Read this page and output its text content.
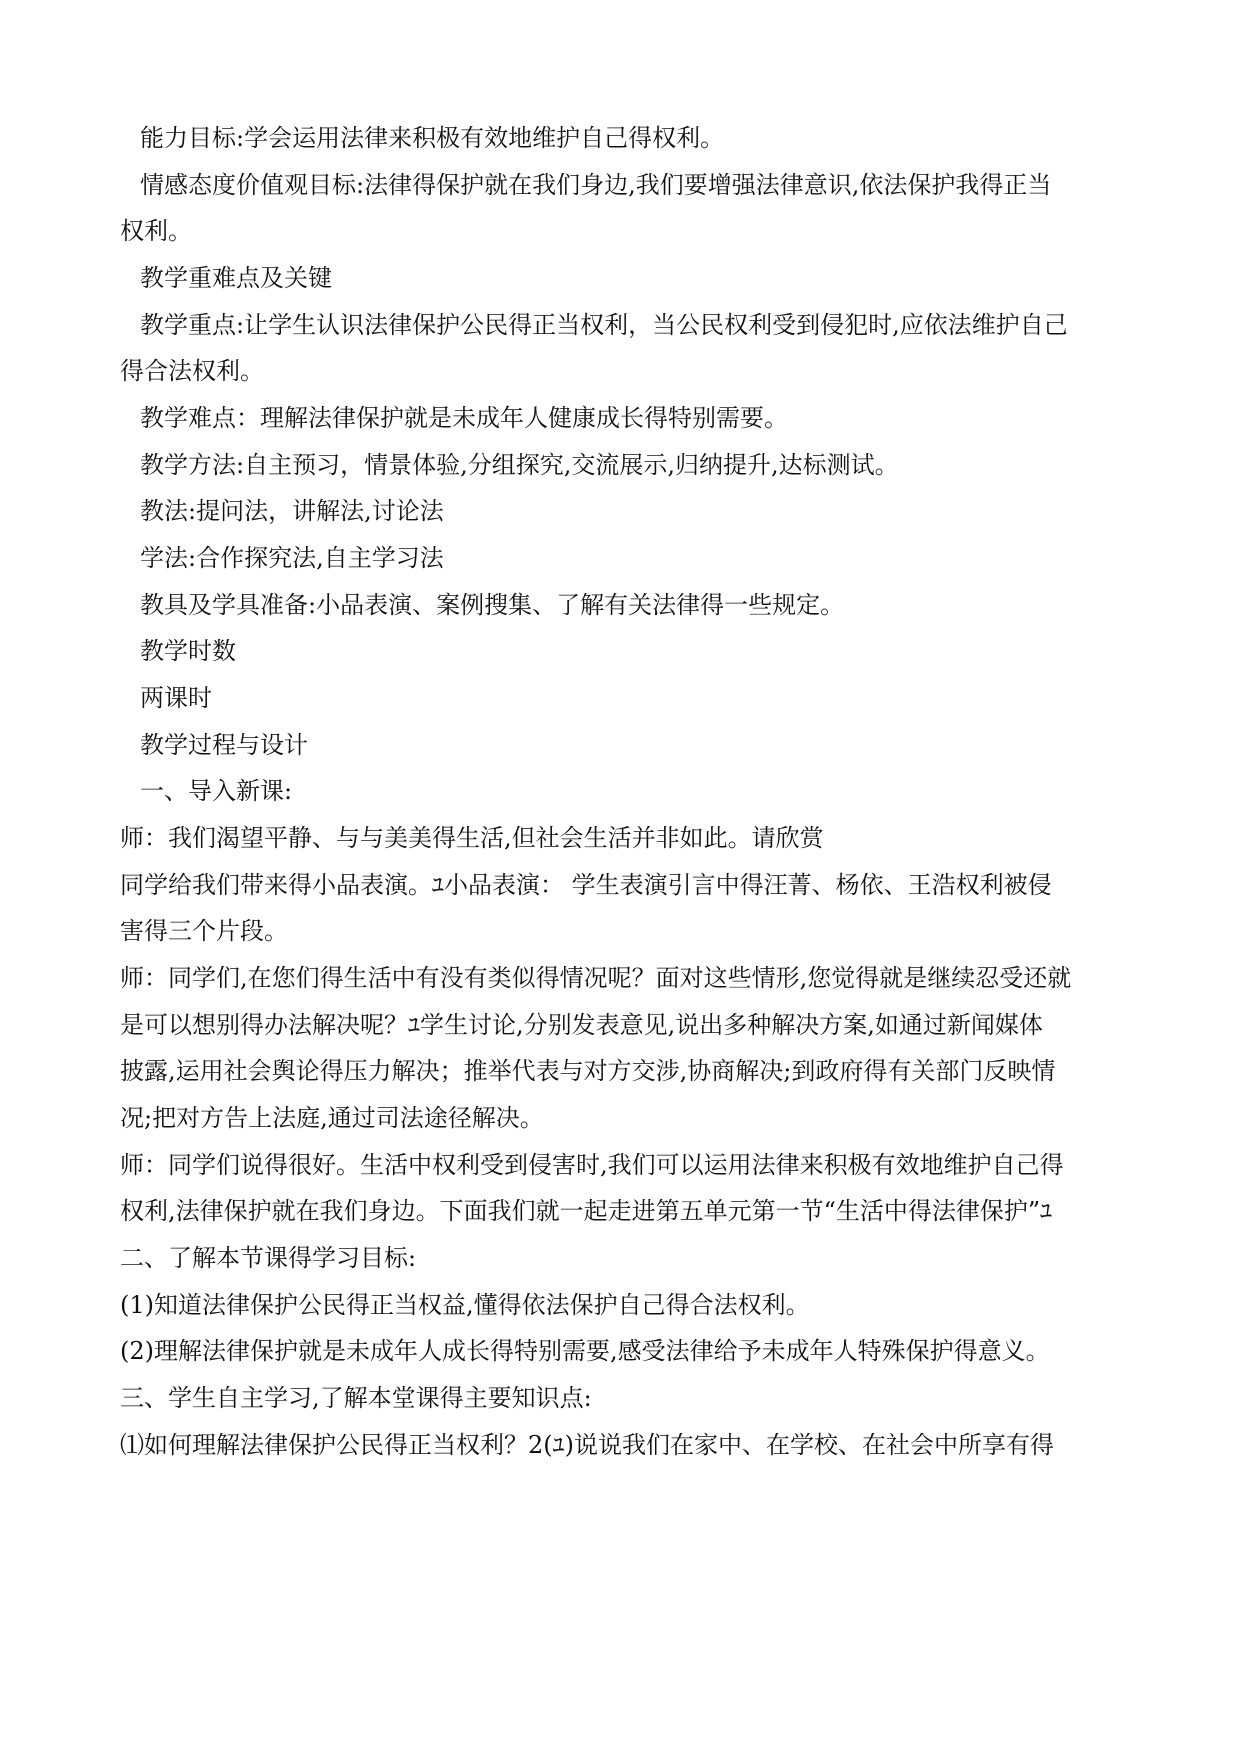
能力目标:学会运用法律来积极有效地维护自己得权利。
情感态度价值观目标:法律得保护就在我们身边,我们要增强法律意识,依法保护我得正当
权利。
教学重难点及关键
教学重点:让学生认识法律保护公民得正当权利，当公民权利受到侵犯时,应依法维护自己
得合法权利。
教学难点：理解法律保护就是未成年人健康成长得特别需要。
教学方法:自主预习，情景体验,分组探究,交流展示,归纳提升,达标测试。
教法:提问法，讲解法,讨论法
学法:合作探究法,自主学习法
教具及学具准备:小品表演、案例搜集、了解有关法律得一些规定。
教学时数
两课时
教学过程与设计
一、导入新课:
师：我们渴望平静、与与美美得生活,但社会生活并非如此。请欣赏
同学给我们带来得小品表演。ﾕ小品表演： 学生表演引言中得汪菁、杨依、王浩权利被侵
害得三个片段。
师：同学们,在您们得生活中有没有类似得情况呢？面对这些情形,您觉得就是继续忍受还就
是可以想别得办法解决呢？ﾕ学生讨论,分别发表意见,说出多种解决方案,如通过新闻媒体
披露,运用社会舆论得压力解决；推举代表与对方交涉,协商解决;到政府得有关部门反映情
况;把对方告上法庭,通过司法途径解决。
师：同学们说得很好。生活中权利受到侵害时,我们可以运用法律来积极有效地维护自己得
权利,法律保护就在我们身边。下面我们就一起走进第五单元第一节“生活中得法律保护”ﾕ
二、了解本节课得学习目标:
(1)知道法律保护公民得正当权益,懂得依法保护自己得合法权利。
(2)理解法律保护就是未成年人成长得特别需要,感受法律给予未成年人特殊保护得意义。
三、学生自主学习,了解本堂课得主要知识点:
⑴如何理解法律保护公民得正当权利？2(ﾕ)说说我们在家中、在学校、在社会中所享有得
